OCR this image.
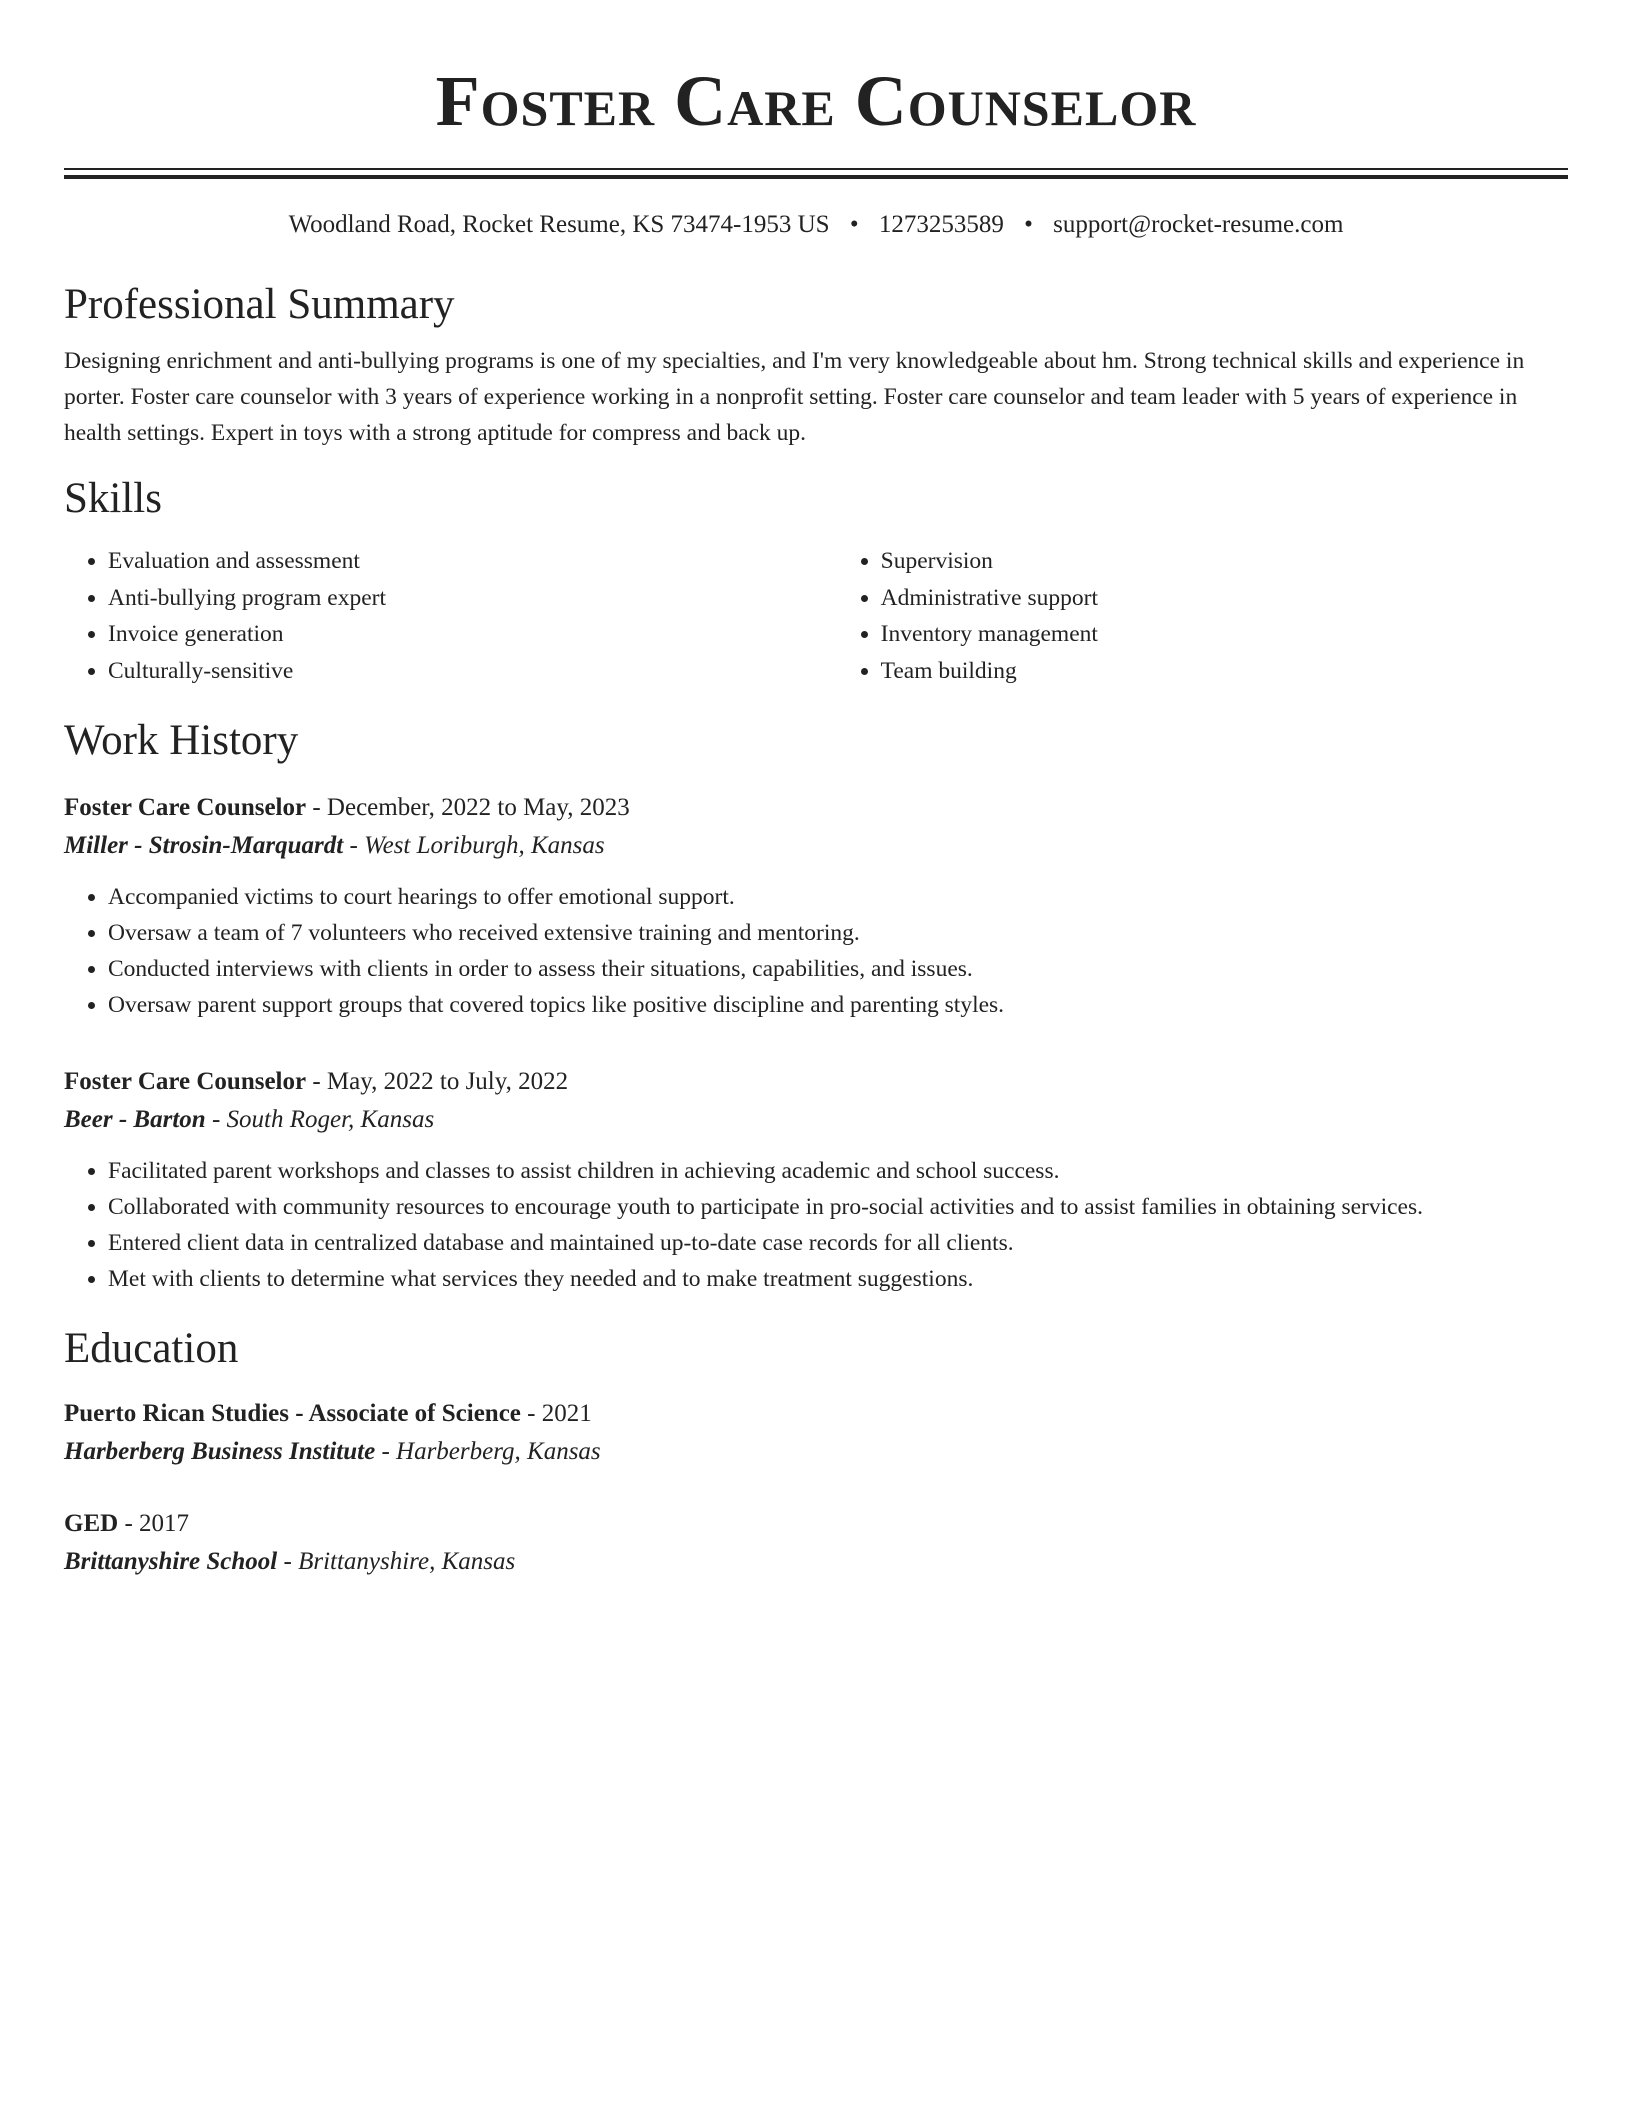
Foster Care Counselor
Woodland Road, Rocket Resume, KS 73474-1953 US • 1273253589 • support@rocket-resume.com
Professional Summary

Designing enrichment and anti-bullying programs is one of my specialties, and I'm very knowledgeable about hm. Strong technical skills and experience in porter. Foster care counselor with 3 years of experience working in a nonprofit setting. Foster care counselor and team leader with 5 years of experience in health settings. Expert in toys with a strong aptitude for compress and back up.

Skills
• Evaluation and assessment
• Anti-bullying program expert
• Invoice generation
• Culturally-sensitive
• Supervision
• Administrative support
• Inventory management
• Team building
Work History
Foster Care Counselor - December, 2022 to May, 2023
Miller - Strosin-Marquardt - West Loriburgh, Kansas
• Accompanied victims to court hearings to offer emotional support.
• Oversaw a team of 7 volunteers who received extensive training and mentoring.
• Conducted interviews with clients in order to assess their situations, capabilities, and issues.
• Oversaw parent support groups that covered topics like positive discipline and parenting styles.
Foster Care Counselor - May, 2022 to July, 2022
Beer - Barton - South Roger, Kansas
• Facilitated parent workshops and classes to assist children in achieving academic and school success.
• Collaborated with community resources to encourage youth to participate in pro-social activities and to assist families in obtaining services.
• Entered client data in centralized database and maintained up-to-date case records for all clients.
• Met with clients to determine what services they needed and to make treatment suggestions.
Education
Puerto Rican Studies - Associate of Science - 2021
Harberberg Business Institute - Harberberg, Kansas
GED - 2017
Brittanyshire School - Brittanyshire, Kansas
